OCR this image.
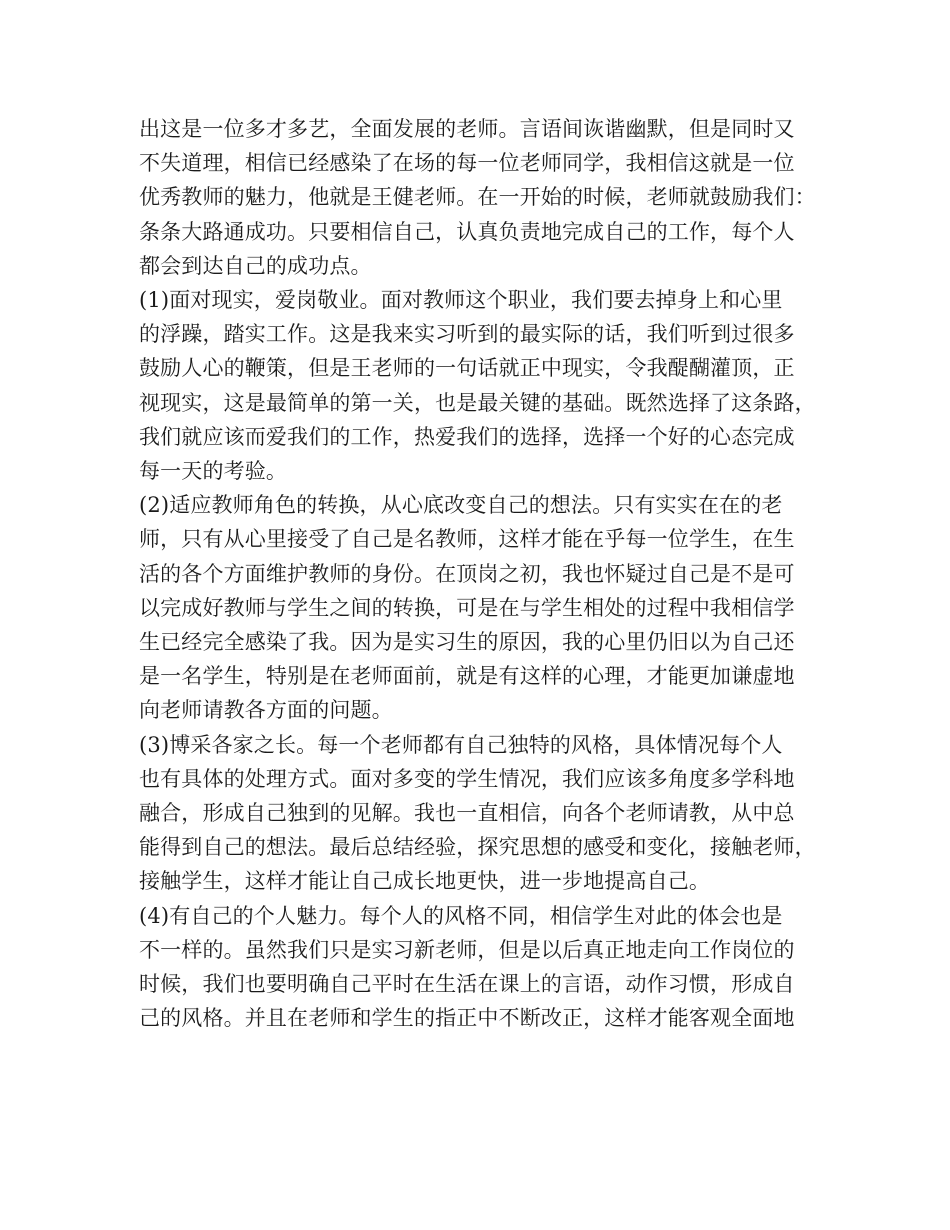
出这是一位多才多艺，全面发展的老师。言语间诙谐幽默，但是同时又
不失道理，相信已经感染了在场的每一位老师同学，我相信这就是一位
优秀教师的魅力，他就是王健老师。在一开始的时候，老师就鼓励我们：
条条大路通成功。只要相信自己，认真负责地完成自己的工作，每个人
都会到达自己的成功点。

(1)面对现实，爱岗敬业。面对教师这个职业，我们要去掉身上和心里
的浮躁，踏实工作。这是我来实习听到的最实际的话，我们听到过很多
鼓励人心的鞭策，但是王老师的一句话就正中现实，令我醍醐灌顶，正
视现实，这是最简单的第一关，也是最关键的基础。既然选择了这条路，
我们就应该而爱我们的工作，热爱我们的选择，选择一个好的心态完成
每一天的考验。

(2)适应教师角色的转换，从心底改变自己的想法。只有实实在在的老
师，只有从心里接受了自己是名教师，这样才能在乎每一位学生，在生
活的各个方面维护教师的身份。在顶岗之初，我也怀疑过自己是不是可
以完成好教师与学生之间的转换，可是在与学生相处的过程中我相信学
生已经完全感染了我。因为是实习生的原因，我的心里仍旧以为自己还
是一名学生，特别是在老师面前，就是有这样的心理，才能更加谦虚地
向老师请教各方面的问题。

(3)博采各家之长。每一个老师都有自己独特的风格，具体情况每个人
也有具体的处理方式。面对多变的学生情况，我们应该多角度多学科地
融合，形成自己独到的见解。我也一直相信，向各个老师请教，从中总
能得到自己的想法。最后总结经验，探究思想的感受和变化，接触老师，
接触学生，这样才能让自己成长地更快，进一步地提高自己。

(4)有自己的个人魅力。每个人的风格不同，相信学生对此的体会也是
不一样的。虽然我们只是实习新老师，但是以后真正地走向工作岗位的
时候，我们也要明确自己平时在生活在课上的言语，动作习惯，形成自
己的风格。并且在老师和学生的指正中不断改正，这样才能客观全面地
